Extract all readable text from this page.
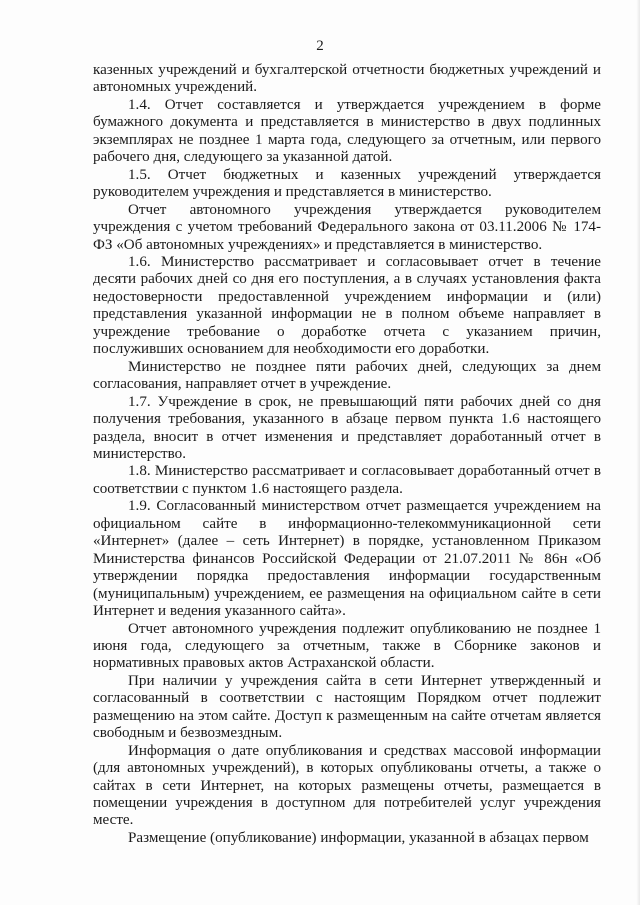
2

казенных учреждений и бухгалтерской отчетности бюджетных учреждений и автономных учреждений.

1.4. Отчет составляется и утверждается учреждением в форме бумажного документа и представляется в министерство в двух подлинных экземплярах не позднее 1 марта года, следующего за отчетным, или первого рабочего дня, следующего за указанной датой.

1.5. Отчет бюджетных и казенных учреждений утверждается руководителем учреждения и представляется в министерство.

Отчет автономного учреждения утверждается руководителем учреждения с учетом требований Федерального закона от 03.11.2006 № 174-ФЗ «Об автономных учреждениях» и представляется в министерство.

1.6. Министерство рассматривает и согласовывает отчет в течение десяти рабочих дней со дня его поступления, а в случаях установления факта недостоверности предоставленной учреждением информации и (или) представления указанной информации не в полном объеме направляет в учреждение требование о доработке отчета с указанием причин, послуживших основанием для необходимости его доработки.

Министерство не позднее пяти рабочих дней, следующих за днем согласования, направляет отчет в учреждение.

1.7. Учреждение в срок, не превышающий пяти рабочих дней со дня получения требования, указанного в абзаце первом пункта 1.6 настоящего раздела, вносит в отчет изменения и представляет доработанный отчет в министерство.

1.8. Министерство рассматривает и согласовывает доработанный отчет в соответствии с пунктом 1.6 настоящего раздела.

1.9. Согласованный министерством отчет размещается учреждением на официальном сайте в информационно-телекоммуникационной сети «Интернет» (далее – сеть Интернет) в порядке, установленном Приказом Министерства финансов Российской Федерации от 21.07.2011 № 86н «Об утверждении порядка предоставления информации государственным (муниципальным) учреждением, ее размещения на официальном сайте в сети Интернет и ведения указанного сайта».

Отчет автономного учреждения подлежит опубликованию не позднее 1 июня года, следующего за отчетным, также в Сборнике законов и нормативных правовых актов Астраханской области.

При наличии у учреждения сайта в сети Интернет утвержденный и согласованный в соответствии с настоящим Порядком отчет подлежит размещению на этом сайте. Доступ к размещенным на сайте отчетам является свободным и безвозмездным.

Информация о дате опубликования и средствах массовой информации (для автономных учреждений), в которых опубликованы отчеты, а также о сайтах в сети Интернет, на которых размещены отчеты, размещается в помещении учреждения в доступном для потребителей услуг учреждения месте.

Размещение (опубликование) информации, указанной в абзацах первом
